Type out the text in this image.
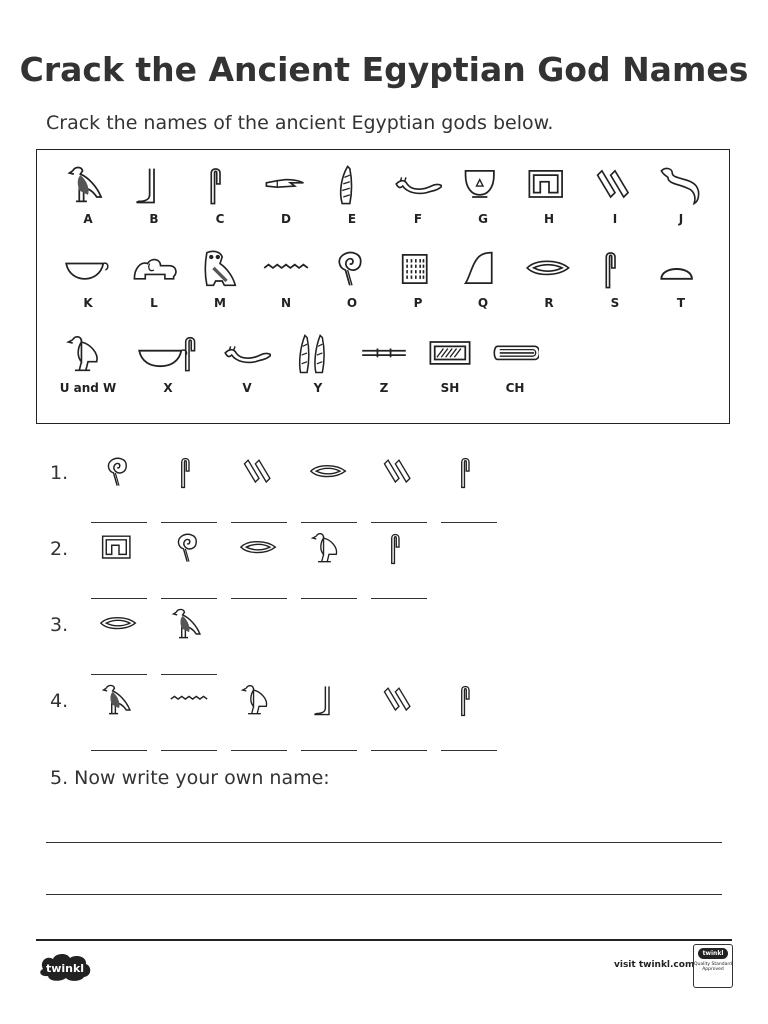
Crack the Ancient Egyptian God Names

Crack the names of the ancient Egyptian gods below.

A	B	C	D	E	F	G	H	I	J
K	L	M	N	O	P	Q	R	S	T
U and W	X	V	Y	Z	SH	CH
1.
2.
3.
4.
5. Now write your own name:
twinkl	visit twinkl.com
twinkl
Quality Standard Approved
